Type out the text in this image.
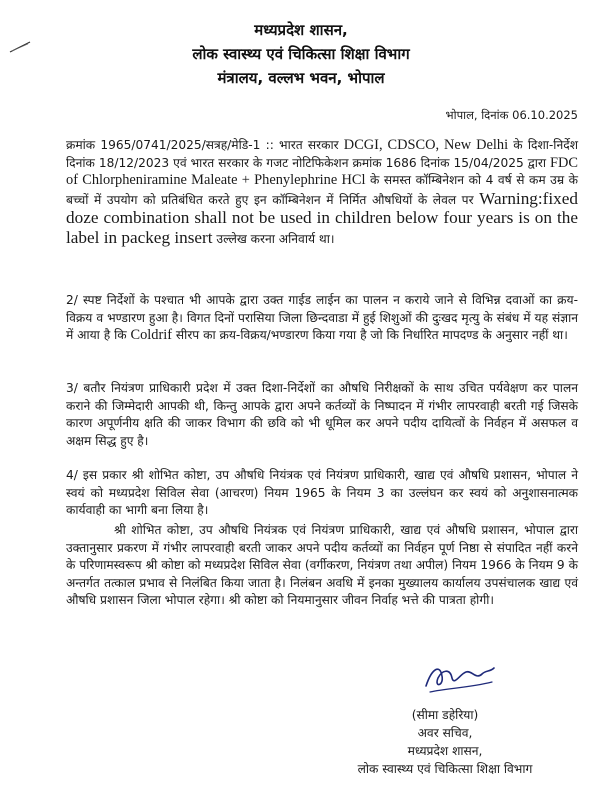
मध्यप्रदेश शासन,
लोक स्वास्थ्य एवं चिकित्सा शिक्षा विभाग
मंत्रालय, वल्लभ भवन, भोपाल
भोपाल, दिनांक 06.10.2025
क्रमांक 1965/0741/2025/सत्रह/मेडि-1 :: भारत सरकार DCGI, CDSCO, New Delhi के दिशा-निर्देश दिनांक 18/12/2023 एवं भारत सरकार के गजट नोटिफिकेशन क्रमांक 1686 दिनांक 15/04/2025 द्वारा FDC of Chlorpheniramine Maleate + Phenylephrine HCl के समस्त कॉम्बिनेशन को 4 वर्ष से कम उम्र के बच्चों में उपयोग को प्रतिबंधित करते हुए इन कॉम्बिनेशन में निर्मित औषधियों के लेवल पर Warning:fixed doze combination shall not be used in children below four years is on the label in packeg insert उल्लेख करना अनिवार्य था।
2/ स्पष्ट निर्देशों के पश्चात भी आपके द्वारा उक्त गाईड लाईन का पालन न कराये जाने से विभिन्न दवाओं का क्रय-विक्रय व भण्डारण हुआ है। विगत दिनों परासिया जिला छिन्दवाडा में हुई शिशुओं की दुःखद मृत्यु के संबंध में यह संज्ञान में आया है कि Coldrif सीरप का क्रय-विक्रय/भण्डारण किया गया है जो कि निर्धारित मापदण्ड के अनुसार नहीं था।
3/ बतौर नियंत्रण प्राधिकारी प्रदेश में उक्त दिशा-निर्देशों का औषधि निरीक्षकों के साथ उचित पर्यवेक्षण कर पालन कराने की जिम्मेदारी आपकी थी, किन्तु आपके द्वारा अपने कर्तव्यों के निष्पादन में गंभीर लापरवाही बरती गई जिसके कारण अपूर्णनीय क्षति की जाकर विभाग की छवि को भी धूमिल कर अपने पदीय दायित्वों के निर्वहन में असफल व अक्षम सिद्ध हुए है।
4/ इस प्रकार श्री शोभित कोष्टा, उप औषधि नियंत्रक एवं नियंत्रण प्राधिकारी, खाद्य एवं औषधि प्रशासन, भोपाल ने स्वयं को मध्यप्रदेश सिविल सेवा (आचरण) नियम 1965 के नियम 3 का उल्लंघन कर स्वयं को अनुशासनात्मक कार्यवाही का भागी बना लिया है।
श्री शोभित कोष्टा, उप औषधि नियंत्रक एवं नियंत्रण प्राधिकारी, खाद्य एवं औषधि प्रशासन, भोपाल द्वारा उक्तानुसार प्रकरण में गंभीर लापरवाही बरती जाकर अपने पदीय कर्तव्यों का निर्वहन पूर्ण निष्ठा से संपादित नहीं करने के परिणामस्वरूप श्री कोष्टा को मध्यप्रदेश सिविल सेवा (वर्गीकरण, नियंत्रण तथा अपील) नियम 1966 के नियम 9 के अन्तर्गत तत्काल प्रभाव से निलंबित किया जाता है। निलंबन अवधि में इनका मुख्यालय कार्यालय उपसंचालक खाद्य एवं औषधि प्रशासन जिला भोपाल रहेगा। श्री कोष्टा को नियमानुसार जीवन निर्वाह भत्ते की पात्रता होगी।
(सीमा डहेरिया)
अवर सचिव,
मध्यप्रदेश शासन,
लोक स्वास्थ्य एवं चिकित्सा शिक्षा विभाग
